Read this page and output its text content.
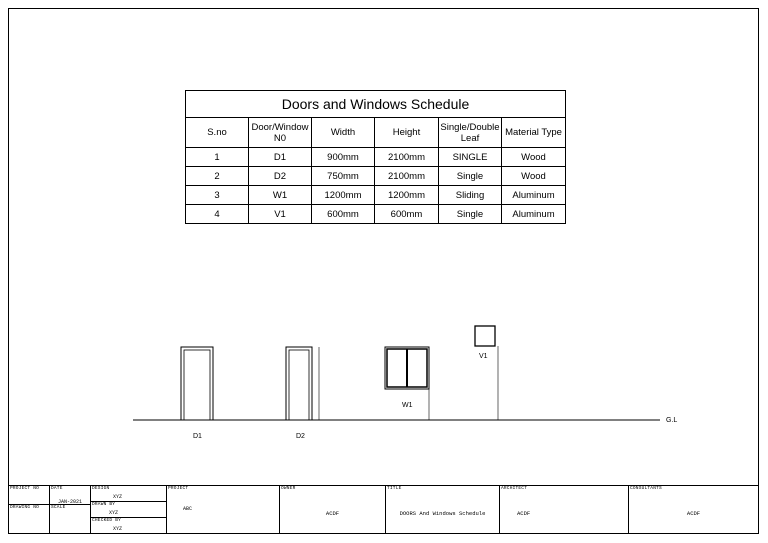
Doors and Windows Schedule					
S.no	Door/Window N0	Width	Height	Single/Double Leaf	Material Type
1	D1	900mm	2100mm	SINGLE	Wood
2	D2	750mm	2100mm	Single	Wood
3	W1	1200mm	1200mm	Sliding	Aluminum
4	V1	600mm	600mm	Single	Aluminum
G.L
D1	D2
W1
V1
PROJECT NO
DRAWING NO
DATE
JAN-2021
SCALE
DESIGN
XYZ
DRAWN BY
XYZ
CHECKED BY
XYZ
PROJECT
ABC
OWNER
ACDF
TITLE
DOORS And Windows Schedule
ARCHITECT
ACDF
CONSULTANTS
ACDF
